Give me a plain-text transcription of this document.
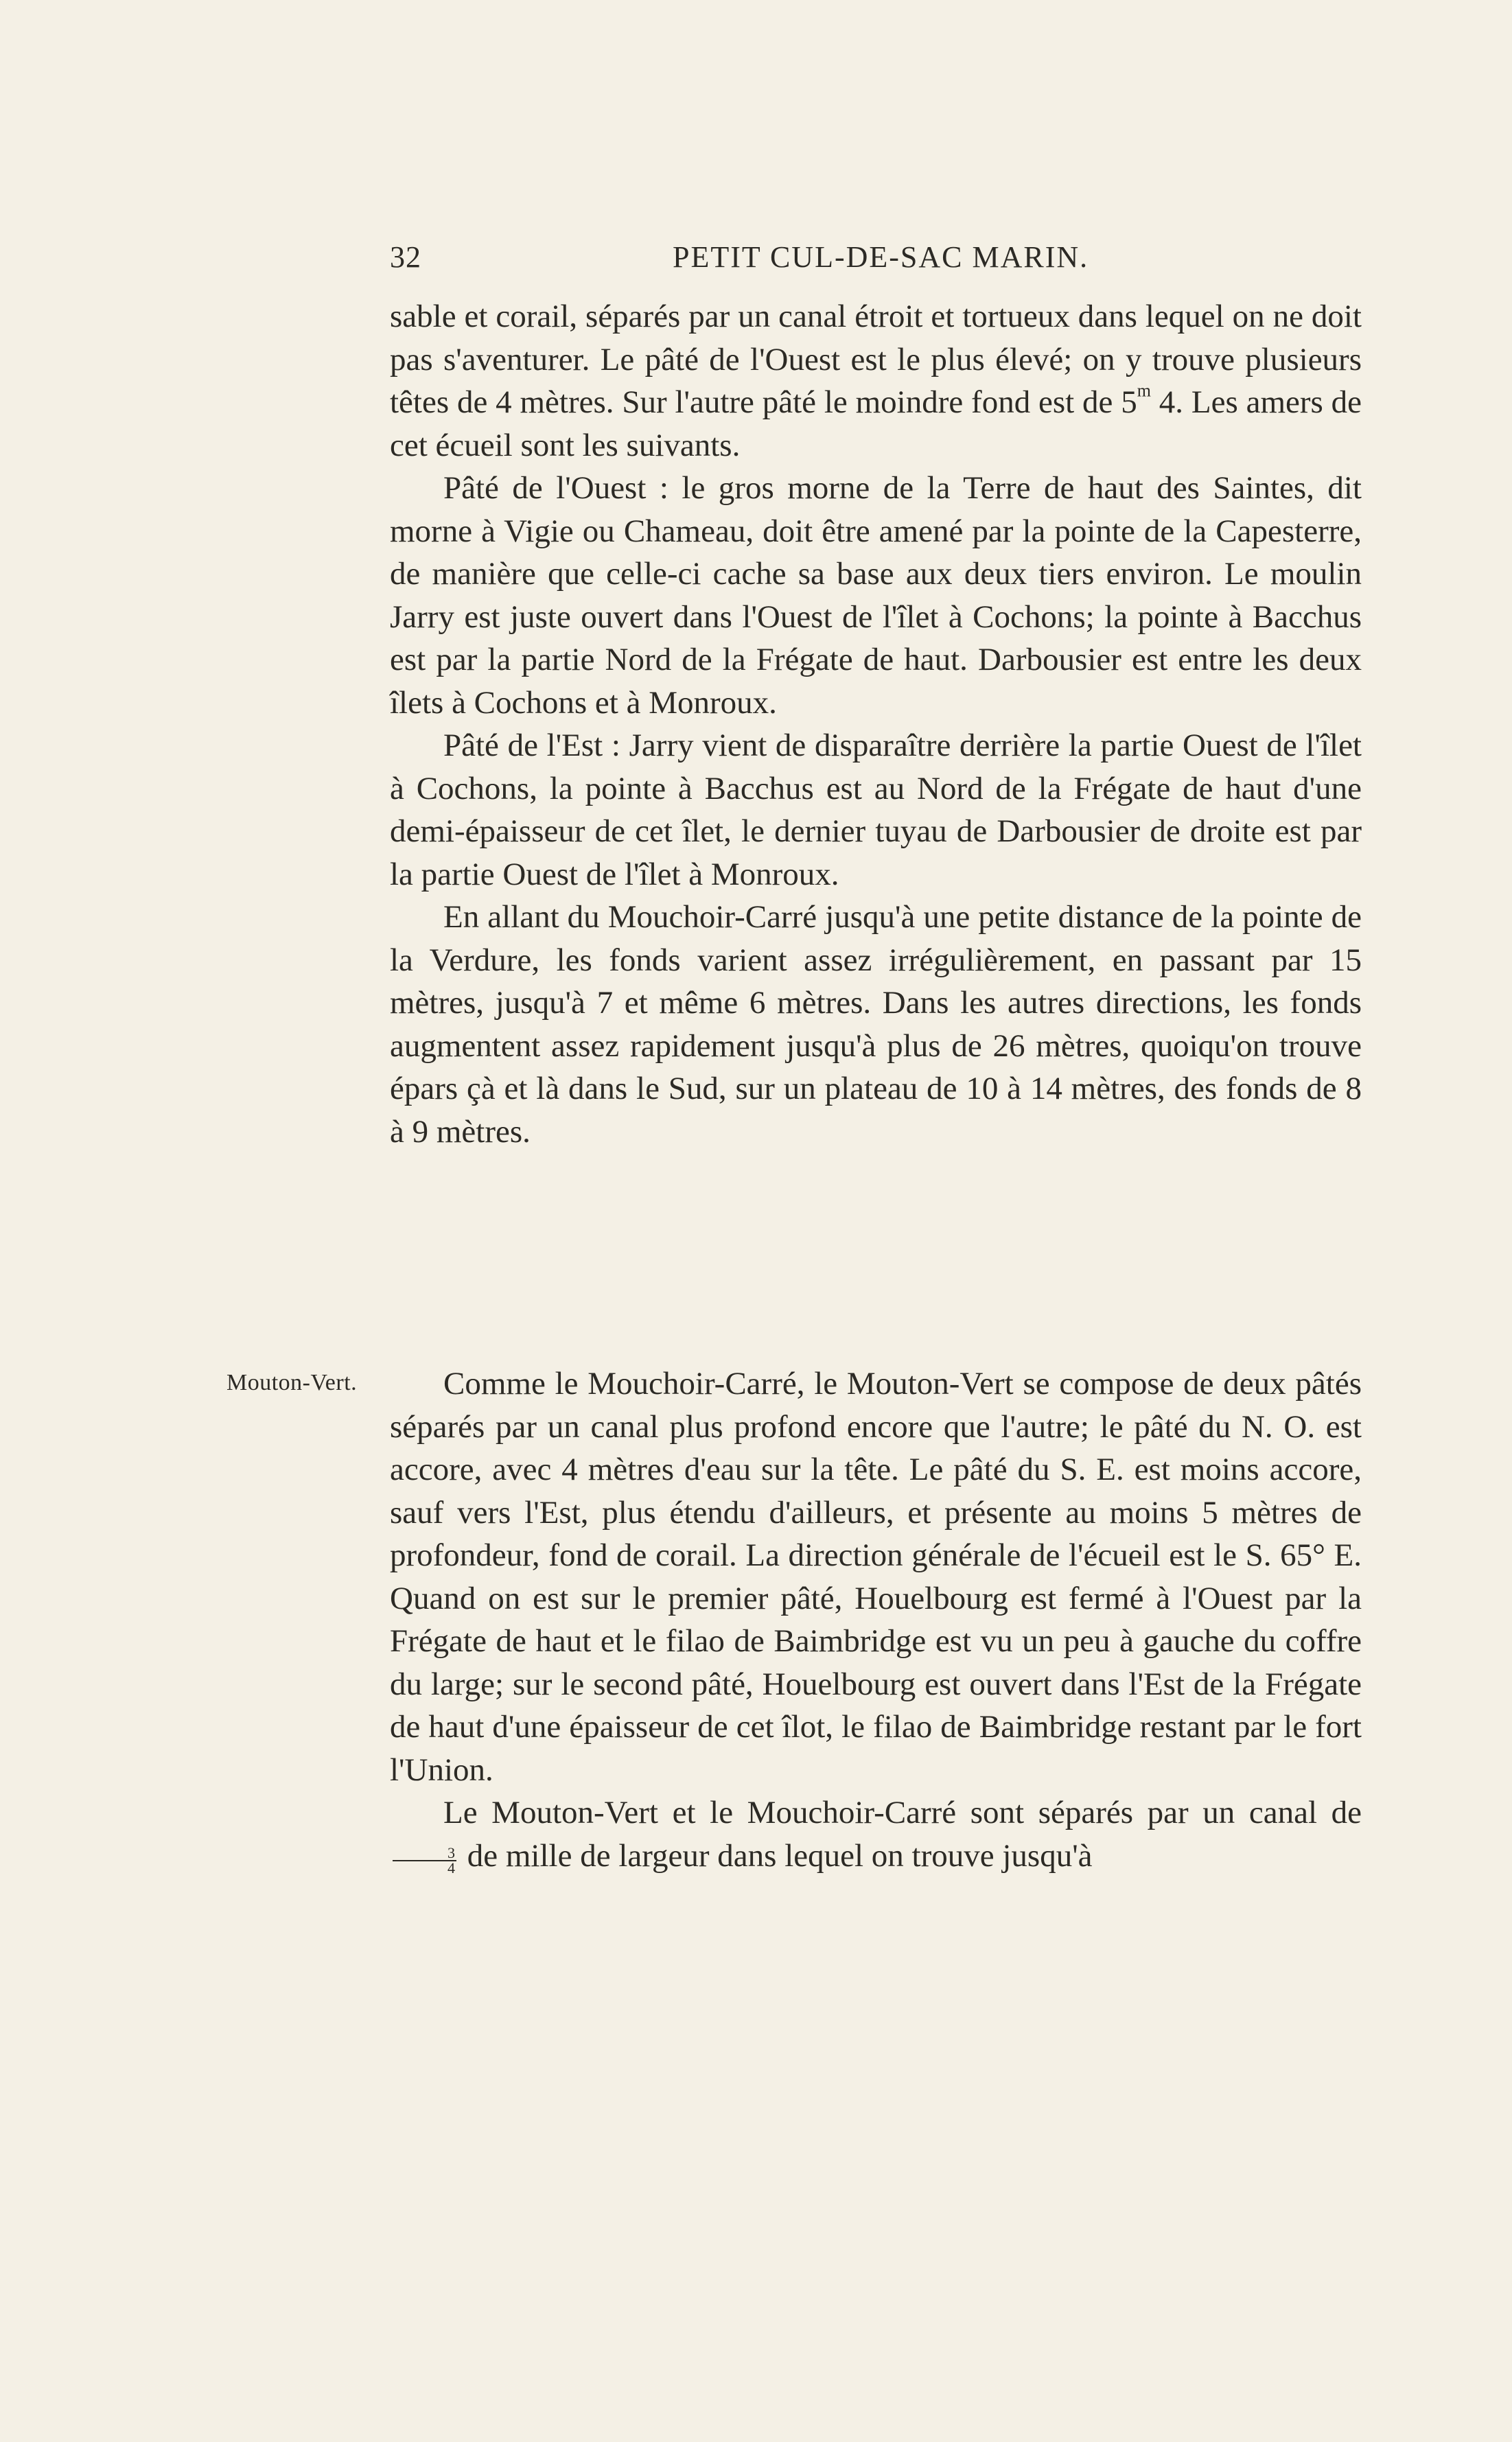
32	PETIT CUL-DE-SAC MARIN.

sable et corail, séparés par un canal étroit et tortueux dans lequel on ne doit pas s'aventurer. Le pâté de l'Ouest est le plus élevé; on y trouve plusieurs têtes de 4 mètres. Sur l'autre pâté le moindre fond est de 5$^m$ 4. Les amers de cet écueil sont les suivants.

Pâté de l'Ouest : le gros morne de la Terre de haut des Saintes, dit morne à Vigie ou Chameau, doit être amené par la pointe de la Capesterre, de manière que celle-ci cache sa base aux deux tiers environ. Le moulin Jarry est juste ouvert dans l'Ouest de l'îlet à Cochons; la pointe à Bacchus est par la partie Nord de la Frégate de haut. Darbousier est entre les deux îlets à Cochons et à Monroux.

Pâté de l'Est : Jarry vient de disparaître derrière la partie Ouest de l'îlet à Cochons, la pointe à Bacchus est au Nord de la Frégate de haut d'une demi-épaisseur de cet îlet, le dernier tuyau de Darbousier de droite est par la partie Ouest de l'îlet à Monroux.

En allant du Mouchoir-Carré jusqu'à une petite distance de la pointe de la Verdure, les fonds varient assez irrégulièrement, en passant par 15 mètres, jusqu'à 7 et même 6 mètres. Dans les autres directions, les fonds augmentent assez rapidement jusqu'à plus de 26 mètres, quoiqu'on trouve épars çà et là dans le Sud, sur un plateau de 10 à 14 mètres, des fonds de 8 à 9 mètres.

Mouton-Vert.	Comme le Mouchoir-Carré, le Mouton-Vert se compose de deux pâtés séparés par un canal plus profond encore que l'autre; le pâté du N. O. est accore, avec 4 mètres d'eau sur la tête. Le pâté du S. E. est moins accore, sauf vers l'Est, plus étendu d'ailleurs, et présente au moins 5 mètres de profondeur, fond de corail. La direction générale de l'écueil est le S. 65° E. Quand on est sur le premier pâté, Houelbourg est fermé à l'Ouest par la Frégate de haut et le filao de Baimbridge est vu un peu à gauche du coffre du large; sur le second pâté, Houelbourg est ouvert dans l'Est de la Frégate de haut d'une épaisseur de cet îlot, le filao de Baimbridge restant par le fort l'Union.

Le Mouton-Vert et le Mouchoir-Carré sont séparés par un canal de
$\frac{3}{4}$ de mille de largeur dans lequel on trouve jusqu'à
